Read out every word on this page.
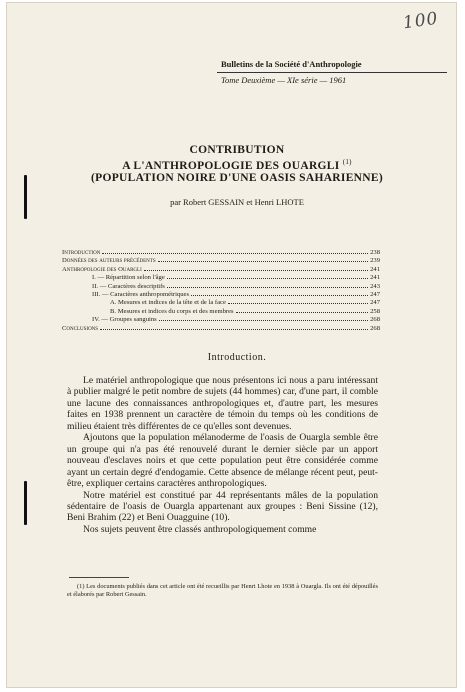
100
Bulletins de la Société d'Anthropologie
Tome Deuxième — XIe série — 1961
CONTRIBUTION
A L'ANTHROPOLOGIE DES OUARGLI $^{(1)}$
(POPULATION NOIRE D'UNE OASIS SAHARIENNE)
par Robert GESSAIN et Henri LHOTE
Introduction	238
Données des auteurs précédents	239
Anthropologie des Ouargli	241
I. — Répartition selon l'âge	241
II. — Caractères descriptifs	243
III. — Caractères anthropométriques	247
A. Mesures et indices de la tête et de la face	247
B. Mesures et indices du corps et des membres	258
IV. — Groupes sanguins	268
Conclusions	268
Introduction.

Le matériel anthropologique que nous présentons ici nous a paru intéressant à publier malgré le petit nombre de sujets (44 hommes) car, d'une part, il comble une lacune des connaissances anthropologiques et, d'autre part, les mesures faites en 1938 prennent un caractère de témoin du temps où les conditions de milieu étaient très différentes de ce qu'elles sont devenues.

Ajoutons que la population mélanoderme de l'oasis de Ouargla semble être un groupe qui n'a pas été renouvelé durant le dernier siècle par un apport nouveau d'esclaves noirs et que cette population peut être considérée comme ayant un certain degré d'endogamie. Cette absence de mélange récent peut, peut-être, expliquer certains caractères anthropologiques.

Notre matériel est constitué par 44 représentants mâles de la population sédentaire de l'oasis de Ouargla appartenant aux groupes : Beni Sissine (12), Beni Brahim (22) et Beni Ouagguine (10).

Nos sujets peuvent être classés anthropologiquement comme

(1) Les documents publiés dans cet article ont été recueillis par Henri Lhote en 1938 à Ouargla. Ils ont été dépouillés et élaborés par Robert Gessain.
